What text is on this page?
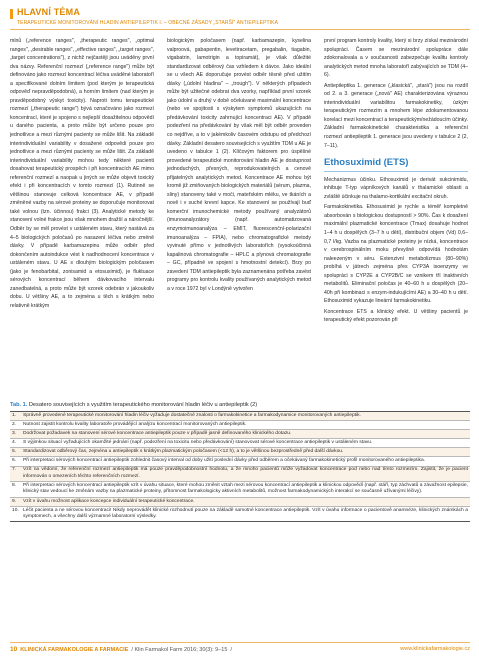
HLAVNÍ TÉMA
TERAPEUTICKÉ MONITOROVÁNÍ HLADIN ANTIEPILEPTIK I. – OBECNÉ ZÁSADY „STARŠÍ" ANTIEPILEPTIKA

mlnů („reference ranges", „therapeutic ranges", „optimal ranges", „desirable ranges", „effective ranges", „target ranges", „target concentrations"), z nichž nejčastěji jsou uváděny první dva názvy. Referenční rozmezí („reference range") může být definováno jako rozmezí koncentrací léčiva uváděné laboratoří a specifikované dolním limitem (pod kterým je terapeutická odpověď nepravděpodobná), a horním limitem (nad kterým je pravděpodobný výskyt toxicity). Naproti tomu terapeutické rozmezí („therapeutic range") bývá označováno jako rozmezí koncentrací, které je spojeno s nejlepší dosažitelnou odpovědí u daného pacienta, a proto může být určeno pouze pro jednotlivce a mezi různými pacienty se může lišit. Na základě interindividuální variability v dosažené odpovědi pouze pro jednotlivce a mezi různými pacienty se může lišit. Za základě interindividuální variability mohou tedy některé pacienti dosahovat terapeutický prospěch i při koncentracích AE mimo referenční rozmezí a naopak u jiných se může objevit toxický efekt i při koncentracích v tomto rozmezí (1). Rutinně se většinou stanovuje celková koncentrace AE, v případě změněné vazby na sérové proteiny se doporučuje monitorovat také volnou (tzn. účinnou) frakci (3). Analytické metody ke stanovení volné frakce jsou však mnohem dražší a náročnější. Odběr by se měl provést v ustáleném stavu, který nastává za 4–5 biologických poločasů po nasazení léčiva nebo změně dávky. V případě karbamazepinu může odběr před dokončením autoindukce vést k nadhodnocení koncentrace v ustáleném stavu. U AE s dlouhým biologickým poločasem (jako je fenobarbital, zonisamid a etosuximid), je fluktuace sérových koncentrací během dávkovacího intervalu zanedbatelná, a proto může být vzorek odebrán v jakoukoliv dobu. U většiny AE, a to zejména u těch s krátkým nebo relativně krátkým

biologickým poločasem (např. karbamazepin, kyselina valproová, gabapentin, levetiracetam, pregabalin, tiagabin, vigabatrin, lamotrigin a topiramát), je však důležité standardizovat odběrový čas vzhledem k dávce. Jako ideální se u všech AE doporučuje provést odběr těsně před užitím dávky („údolní hladina" – „trough"). V některých případech může být užitečné odebrat dva vzorky, například první vzorek jako údolní a druhý v době očekávané maximální koncentrace (nebo ve spojitosti s výskytem symptomů ukazujících na předávkování toxicity zahrnující koncentraci AE). V případě podezření na předávkování by však měl být odběr proveden co nejdříve, a to v jakémkoliv časovém odstupu od předchozí dávky. Základní desatero souvisejících s využitím TDM u AE je uvedeno v tabulce 1 (2). Klíčovým faktorem pro úspěšné provedené terapeutické monitorování hladin AE je dostupnost jednoduchých, přesných, reprodukovatelných a cenově přijatelných analytických metod. Koncentrace AE mohou být kromě již zmiňovaných biologických materiálů (sérum, plazma, sliny) stanoveny také v moči, mateřském mléku, ve tkáních a nově i v suché krevní kapce. Ke stanovení se používají buď komerční imunochemické metody používaný analyzátorů (imunoanalyzátory (např. automatizovaná enzymoimunoanalýza – EMIT, fluorescenční-polarizační imunoanalýza – FPIA), nebo chromatografické metody vyvinuté přímo v jednotlivých laboratořích (vysokoúčinná kapalinová chromatografie – HPLC a plynová chromatografie – GC, případně ve spojení s hmotnostní detekcí). Brzy po zavedení TDM antiepileptik byla zaznamenána potřeba zavést programy pro kontrolu kvality používaných analytických metod a v roce 1972 byl v Londýně vytvořen

první program kontroly kvality, který si brzy získal mezinárodní spolupráci. Časem se mezinárodní spolupráce dále zdokonalovala a v současnosti zabezpečuje kvalitu kontroly analytických metod mnoha laboratoří zabývajících se TDM (4–6).

Antiepileptika 1. generace („klasická", „stará") jsou na rozdíl od 2. a 3. generace („nová" AE) charakterizována výraznou interindividuální variabilitou farmakokinetiky, úzkým terapeutickým rozmezím a mnohem lépe zdokumentovanou korelací mezi koncentrací a terapeutickým/nežádoucím účinky. Základní farmakokinetické charakteristika a referenční rozmezí antiepileptik 1. generace jsou uvedeny v tabulce 2 (2, 7–11).

Ethosuximid (ETS)

Mechanizmus účinku. Ethosuximid je derivát sukcinimidu, inhibuje T-typ vápníkových kanálů v thalamické oblasti a zvláště účinkuje na thalamo-kortikální excitační okruh.

Farmakokinetika. Ethosuximid je rychle a téměř kompletně absorbován s biologickou dostupností > 90%. Čas k dosažení maximální plazmatické koncentrace (Tmax) dosahuje hodnot 1–4 h u dospělých (3–7 h u dětí), distribuční objem (Vd) 0,6–0,7 l/kg. Vazba na plazmatické proteiny je nízká, koncentrace v cerebrospinálním moku převyšně odpovídá hodnotám naleezeným v séru. Extenzivní metabolizmus (80–90%) probíhá v játrech zejména přes CYP3A isoenzymy ve spolupráci s CYP2E a CYP2B/C se vznikem tří inaktivních metabolitů. Eliminační poločas je 40–60 h u dospělých (20–40h při kombinaci s enzym-indukujícími AE) a 30–40 h u dětí. Ethosuximid vykazuje lineární farmakokinetiku.

Koncentrace ETS a klinický efekt. U většiny pacientů je terapeutický efekt pozorován při

Tab. 1. Desatero souvisejících s využitím terapeutického monitorování hladin léčiv u antiepileptik (2)
1.	Správně provedené terapeutické monitorování hladin léčiv vyžaduje dostatečné znalosti o farmakokinetice a farmakodynamice monitorovaných antiepileptik.
2.	Nutnost zajistit kontrolu kvality laboratoře provádějící analýzu koncentrací monitorovaných antiepileptik.
3.	Dodržovat požadavek na stanovení sérové koncentrace antiepileptik pouze v případě jasně definovaného klinického dotazu.
4.	S výjimkou situací vyžadujících okamžité jednání (např. podezření na toxicitu nebo předávkování) stanovovat sérové koncentrace antiepileptik v ustáleném stavu.
5.	Standardizovat odběrový čas, zejména u antiepileptik s krátkým plazmatickým poločasem (<12 h), a to je většinou bezprostředně před další dávkou.
6.	Při interpretaci sérových koncentrací antiepileptik zohlednit časový interval od doby užití poslední dávky před odběrem a očekávaný farmakokinetický profil monitorovaného antiepileptika.
7.	Vzít na vědomí, že referenční rozmezí antiepileptik má pouze pravděpodobnostní hodnotu, a že mnoho pacientů může vyžadovat koncentrace pod nebo nad tímto rozmezím. Zajistit, že je pacient informován o omezeních těchto referenčních rozmezí.
8.	Při interpretaci sérových koncentrací antiepileptik vzít v úvahu situace, které mohou změnit vztah mezi sérovou koncentrací antiepileptik a klinickou odpovědí (např. stáří, typ záchvatů a závažnost epilepsie, klinický stav vedoucí ke změnám vazby na plazmatické proteiny, přítomnost farmakologicky aktivních metabolitů, možnost farmakodynamických interakcí se současně užívanými léčivy).
9.	Vzít v úvahu možnost aplikace koncepce individuální terapeutické koncentrace.
10. Léčit pacienta a ne sérovou koncentraci! Nikdy neprovádět klinické rozhodnutí pouze na základě samotné koncentrace antiepileptik. Vzít v úvahu informace o pacientově anamnéze, klinických známkách a symptomech, a všechny další významné laboratorní výsledky.
10 KLINICKÁ FARMAKOLOGIE A FARMACIE  / Klin Farmakol Farm 2016; 30(3): 9–15  /	www.klinickafarmakologie.cz
